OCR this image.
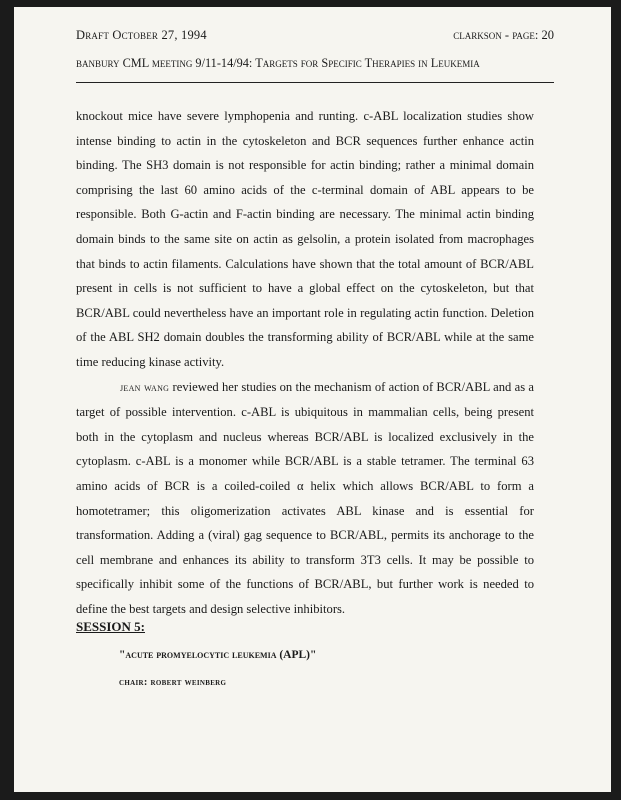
Draft October 27, 1994	clarkson - page: 20
banbury CML meeting 9/11-14/94: Targets for Specific Therapies in Leukemia

knockout mice have severe lymphopenia and runting. c-ABL localization studies show intense binding to actin in the cytoskeleton and BCR sequences further enhance actin binding. The SH3 domain is not responsible for actin binding; rather a minimal domain comprising the last 60 amino acids of the c-terminal domain of ABL appears to be responsible. Both G-actin and F-actin binding are necessary. The minimal actin binding domain binds to the same site on actin as gelsolin, a protein isolated from macrophages that binds to actin filaments. Calculations have shown that the total amount of BCR/ABL present in cells is not sufficient to have a global effect on the cytoskeleton, but that BCR/ABL could nevertheless have an important role in regulating actin function. Deletion of the ABL SH2 domain doubles the transforming ability of BCR/ABL while at the same time reducing kinase activity.

jean wang reviewed her studies on the mechanism of action of BCR/ABL and as a target of possible intervention. c-ABL is ubiquitous in mammalian cells, being present both in the cytoplasm and nucleus whereas BCR/ABL is localized exclusively in the cytoplasm. c-ABL is a monomer while BCR/ABL is a stable tetramer. The terminal 63 amino acids of BCR is a coiled-coiled α helix which allows BCR/ABL to form a homotetramer; this oligomerization activates ABL kinase and is essential for transformation. Adding a (viral) gag sequence to BCR/ABL, permits its anchorage to the cell membrane and enhances its ability to transform 3T3 cells. It may be possible to specifically inhibit some of the functions of BCR/ABL, but further work is needed to define the best targets and design selective inhibitors.

SESSION 5:
"acute promyelocytic leukemia (APL)"
chair: robert weinberg
